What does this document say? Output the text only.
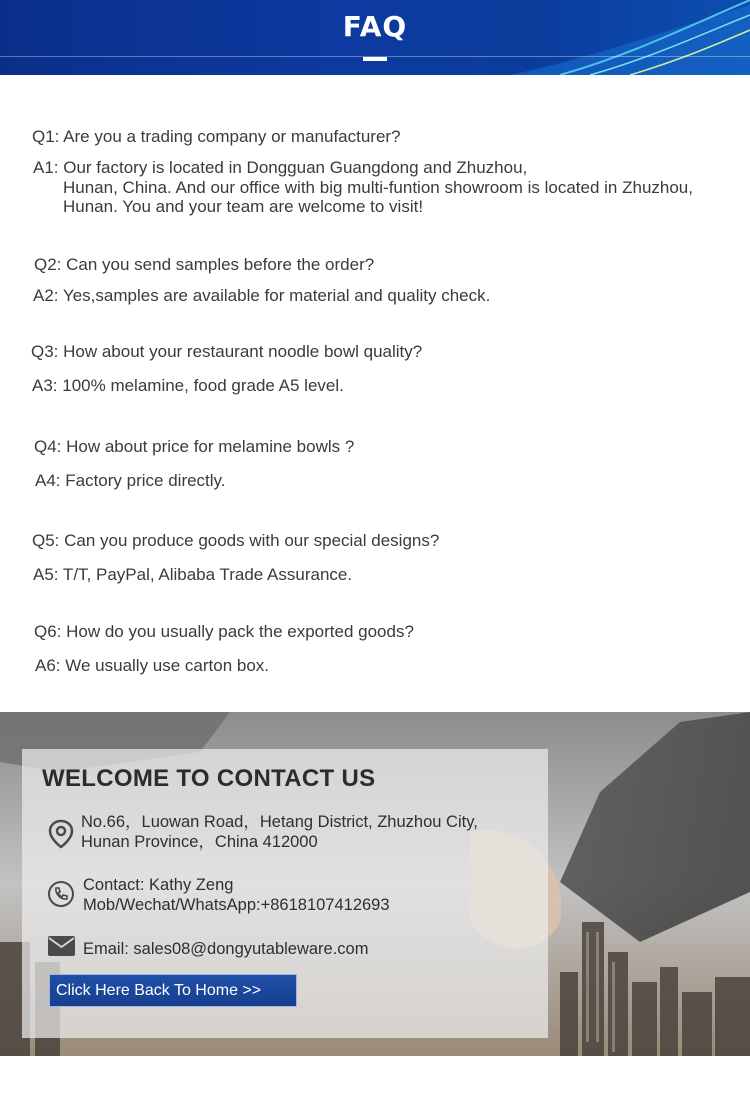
FAQ
Q1: Are you a trading company or manufacturer?
A1: Our factory is located in Dongguan Guangdong and Zhuzhou,
Hunan, China. And our office with big multi-funtion showroom is located in Zhuzhou,
Hunan. You and your team are welcome to visit!
Q2: Can you send samples before the order?
A2: Yes,samples are available for material and quality check.
Q3: How about your restaurant noodle bowl quality?
A3: 100% melamine, food grade A5 level.
Q4: How about price for melamine bowls ?
A4: Factory price directly.
Q5: Can you produce goods with our special designs?
A5: T/T, PayPal, Alibaba Trade Assurance.
Q6: How do you usually pack the exported goods?
A6: We usually use carton box.
WELCOME TO CONTACT US
No.66，Luowan Road，Hetang District, Zhuzhou City,
Hunan Province，China 412000
Contact: Kathy Zeng
Mob/Wechat/WhatsApp:+8618107412693
Email: sales08@dongyutableware.com
Click Here Back To Home >>
